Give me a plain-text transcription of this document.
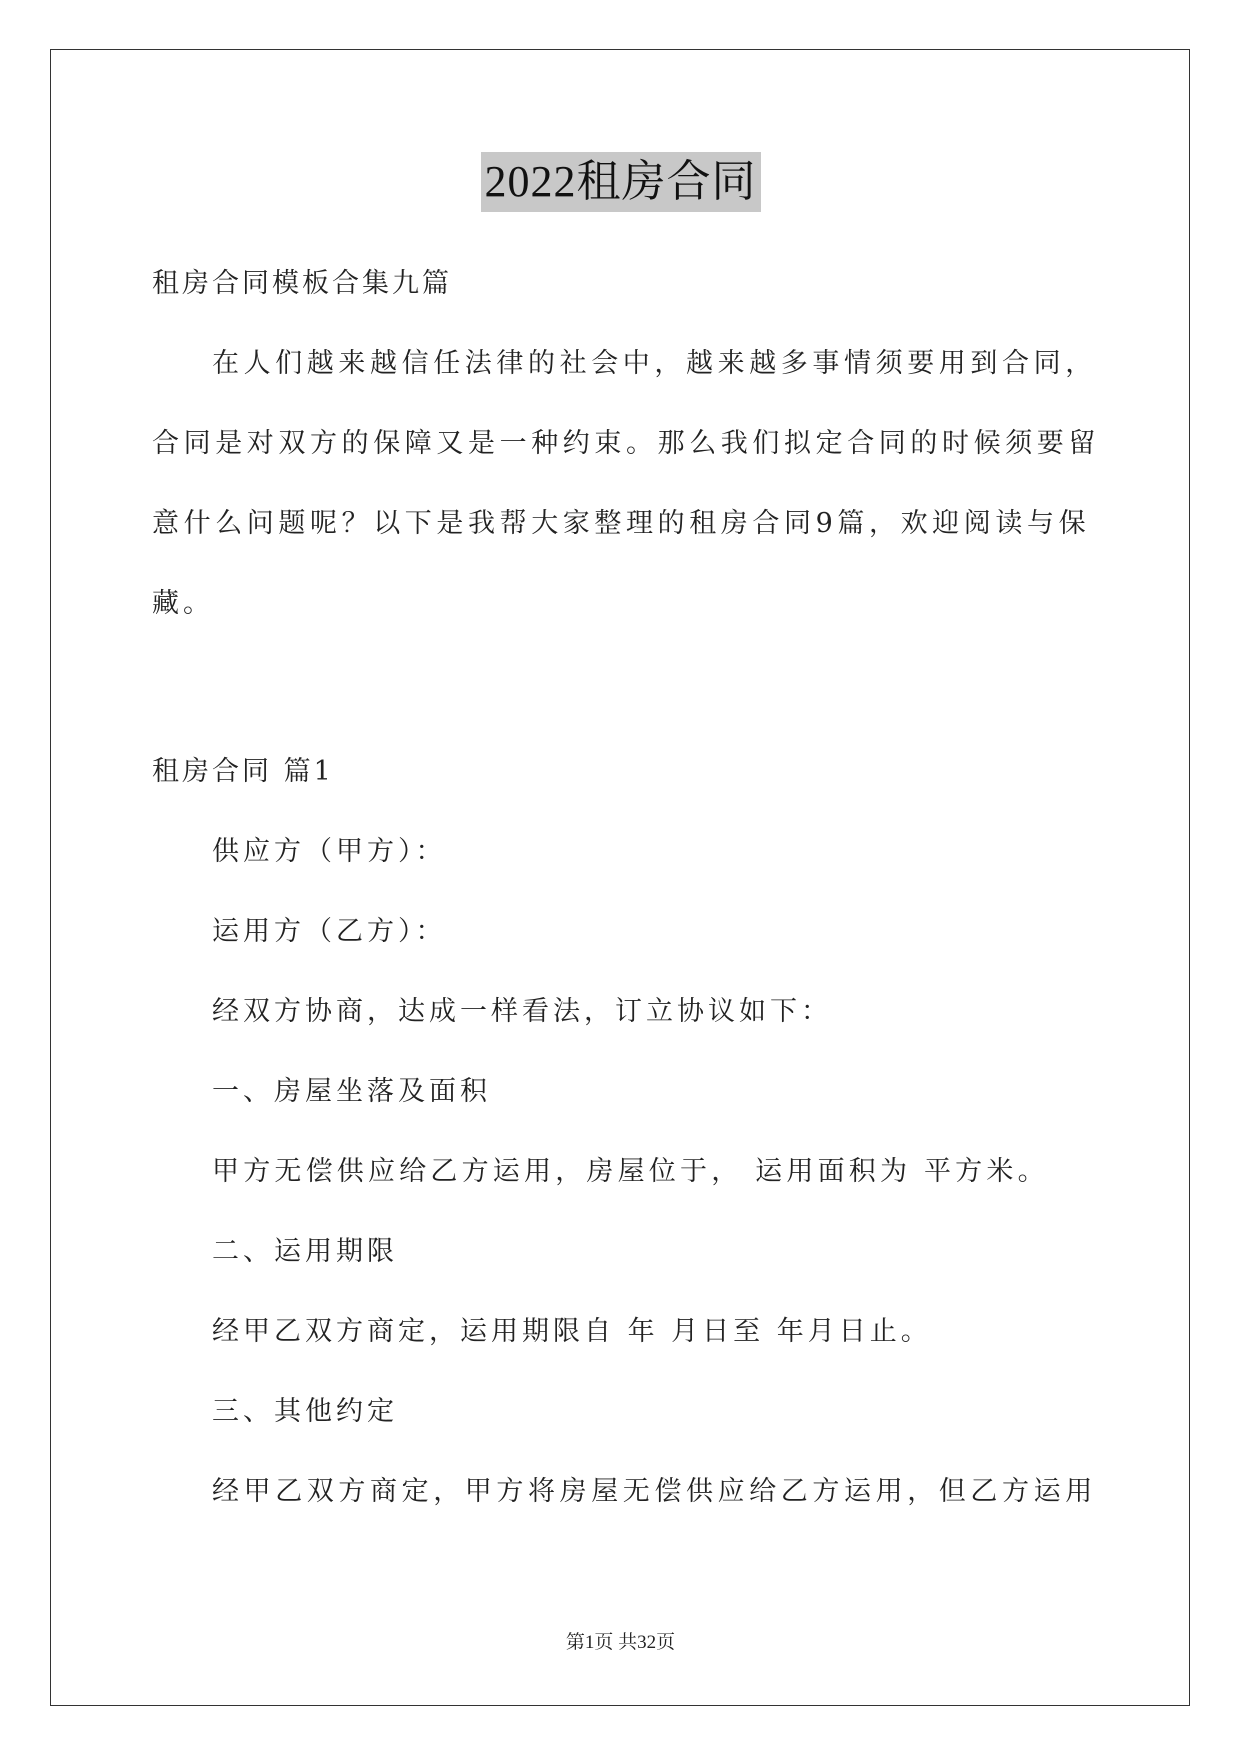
2022租房合同
租房合同模板合集九篇
在人们越来越信任法律的社会中，越来越多事情须要用到合同，
合同是对双方的保障又是一种约束。那么我们拟定合同的时候须要留
意什么问题呢？以下是我帮大家整理的租房合同9篇，欢迎阅读与保
藏。
租房合同 篇1
供应方（甲方）：
运用方（乙方）：
经双方协商，达成一样看法，订立协议如下：
一、房屋坐落及面积
甲方无偿供应给乙方运用，房屋位于， 运用面积为 平方米。
二、运用期限
经甲乙双方商定，运用期限自 年 月日至 年月日止。
三、其他约定
经甲乙双方商定，甲方将房屋无偿供应给乙方运用，但乙方运用
第1页 共32页
